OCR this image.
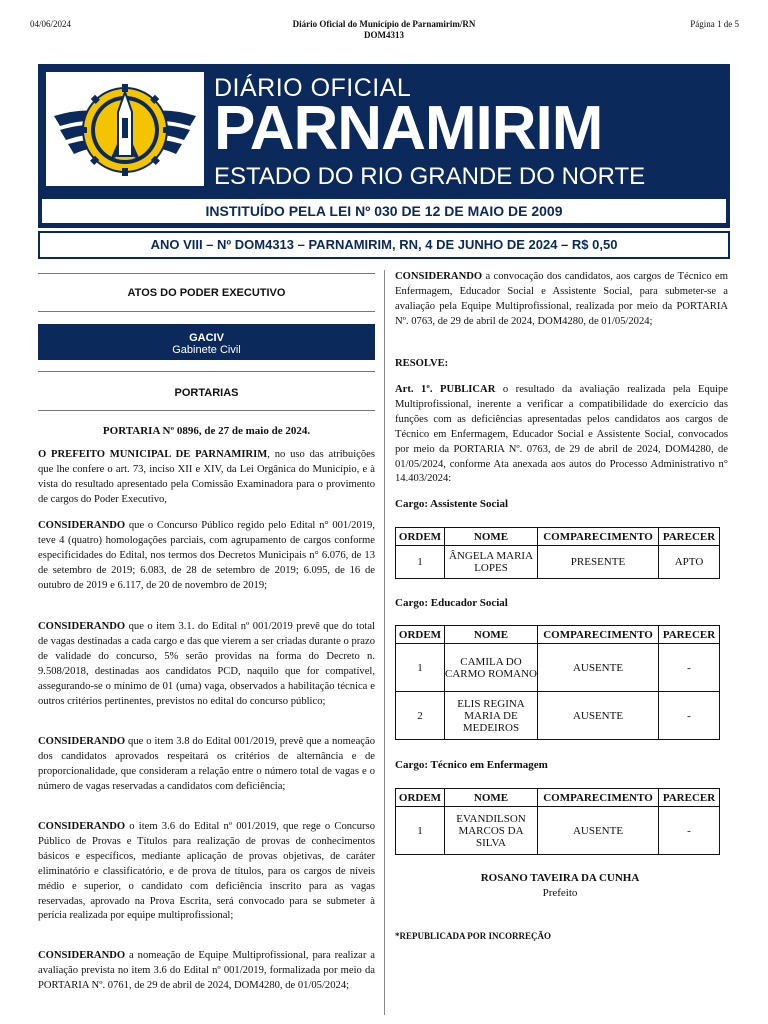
04/06/2024	Diário Oficial do Município de Parnamirim/RN
DOM4313
Página 1 de 5
DIÁRIO OFICIAL
PARNAMIRIM
ESTADO DO RIO GRANDE DO NORTE
INSTITUÍDO PELA LEI Nº 030 DE 12 DE MAIO DE 2009
ANO VIII – Nº DOM4313 – PARNAMIRIM, RN, 4 DE JUNHO DE 2024 – R$ 0,50
ATOS DO PODER EXECUTIVO
GACIV
Gabinete Civil
PORTARIAS
PORTARIA Nº 0896, de 27 de maio de 2024.
O PREFEITO MUNICIPAL DE PARNAMIRIM, no uso das atribuições que lhe confere o art. 73, inciso XII e XIV, da Lei Orgânica do Município, e à vista do resultado apresentado pela Comissão Examinadora para o provimento de cargos do Poder Executivo,
CONSIDERANDO que o Concurso Público regido pelo Edital n° 001/2019, teve 4 (quatro) homologações parciais, com agrupamento de cargos conforme especificidades do Edital, nos termos dos Decretos Municipais n° 6.076, de 13 de setembro de 2019; 6.083, de 28 de setembro de 2019; 6.095, de 16 de outubro de 2019 e 6.117, de 20 de novembro de 2019;
CONSIDERANDO que o item 3.1. do Edital nº 001/2019 prevê que do total de vagas destinadas a cada cargo e das que vierem a ser criadas durante o prazo de validade do concurso, 5% serão providas na forma do Decreto n. 9.508/2018, destinadas aos candidatos PCD, naquilo que for compatível, assegurando-se o mínimo de 01 (uma) vaga, observados a habilitação técnica e outros critérios pertinentes, previstos no edital do concurso público;
CONSIDERANDO que o item 3.8 do Edital 001/2019, prevê que a nomeação dos candidatos aprovados respeitará os critérios de alternância e de proporcionalidade, que consideram a relação entre o número total de vagas e o número de vagas reservadas a candidatos com deficiência;
CONSIDERANDO o item 3.6 do Edital nº 001/2019, que rege o Concurso Público de Provas e Títulos para realização de provas de conhecimentos básicos e específicos, mediante aplicação de provas objetivas, de caráter eliminatório e classificatório, e de prova de títulos, para os cargos de níveis médio e superior, o candidato com deficiência inscrito para as vagas reservadas, aprovado na Prova Escrita, será convocado para se submeter à perícia realizada por equipe multiprofissional;
CONSIDERANDO a nomeação de Equipe Multiprofissional, para realizar a avaliação prevista no item 3.6 do Edital nº 001/2019, formalizada por meio da PORTARIA Nº. 0761, de 29 de abril de 2024, DOM4280, de 01/05/2024;
CONSIDERANDO a convocação dos candidatos, aos cargos de Técnico em Enfermagem, Educador Social e Assistente Social, para submeter-se a avaliação pela Equipe Multiprofissional, realizada por meio da PORTARIA Nº. 0763, de 29 de abril de 2024, DOM4280, de 01/05/2024;
RESOLVE:
Art. 1º. PUBLICAR o resultado da avaliação realizada pela Equipe Multiprofissional, inerente a verificar a compatibilidade do exercício das funções com as deficiências apresentadas pelos candidatos aos cargos de Técnico em Enfermagem, Educador Social e Assistente Social, convocados por meio da PORTARIA Nº. 0763, de 29 de abril de 2024, DOM4280, de 01/05/2024, conforme Ata anexada aos autos do Processo Administrativo n° 14.403/2024:
Cargo: Assistente Social
ORDEM	NOME	COMPARECIMENTO	PARECER
1	ÂNGELA MARIA LOPES	PRESENTE	APTO
Cargo: Educador Social
ORDEM	NOME	COMPARECIMENTO	PARECER
1	CAMILA DO CARMO ROMANO	AUSENTE	-
2	ELIS REGINA MARIA DE MEDEIROS	AUSENTE	-
Cargo: Técnico em Enfermagem
ORDEM	NOME	COMPARECIMENTO	PARECER
1	EVANDILSON MARCOS DA SILVA	AUSENTE	-
ROSANO TAVEIRA DA CUNHA
Prefeito
*REPUBLICADA POR INCORREÇÃO
